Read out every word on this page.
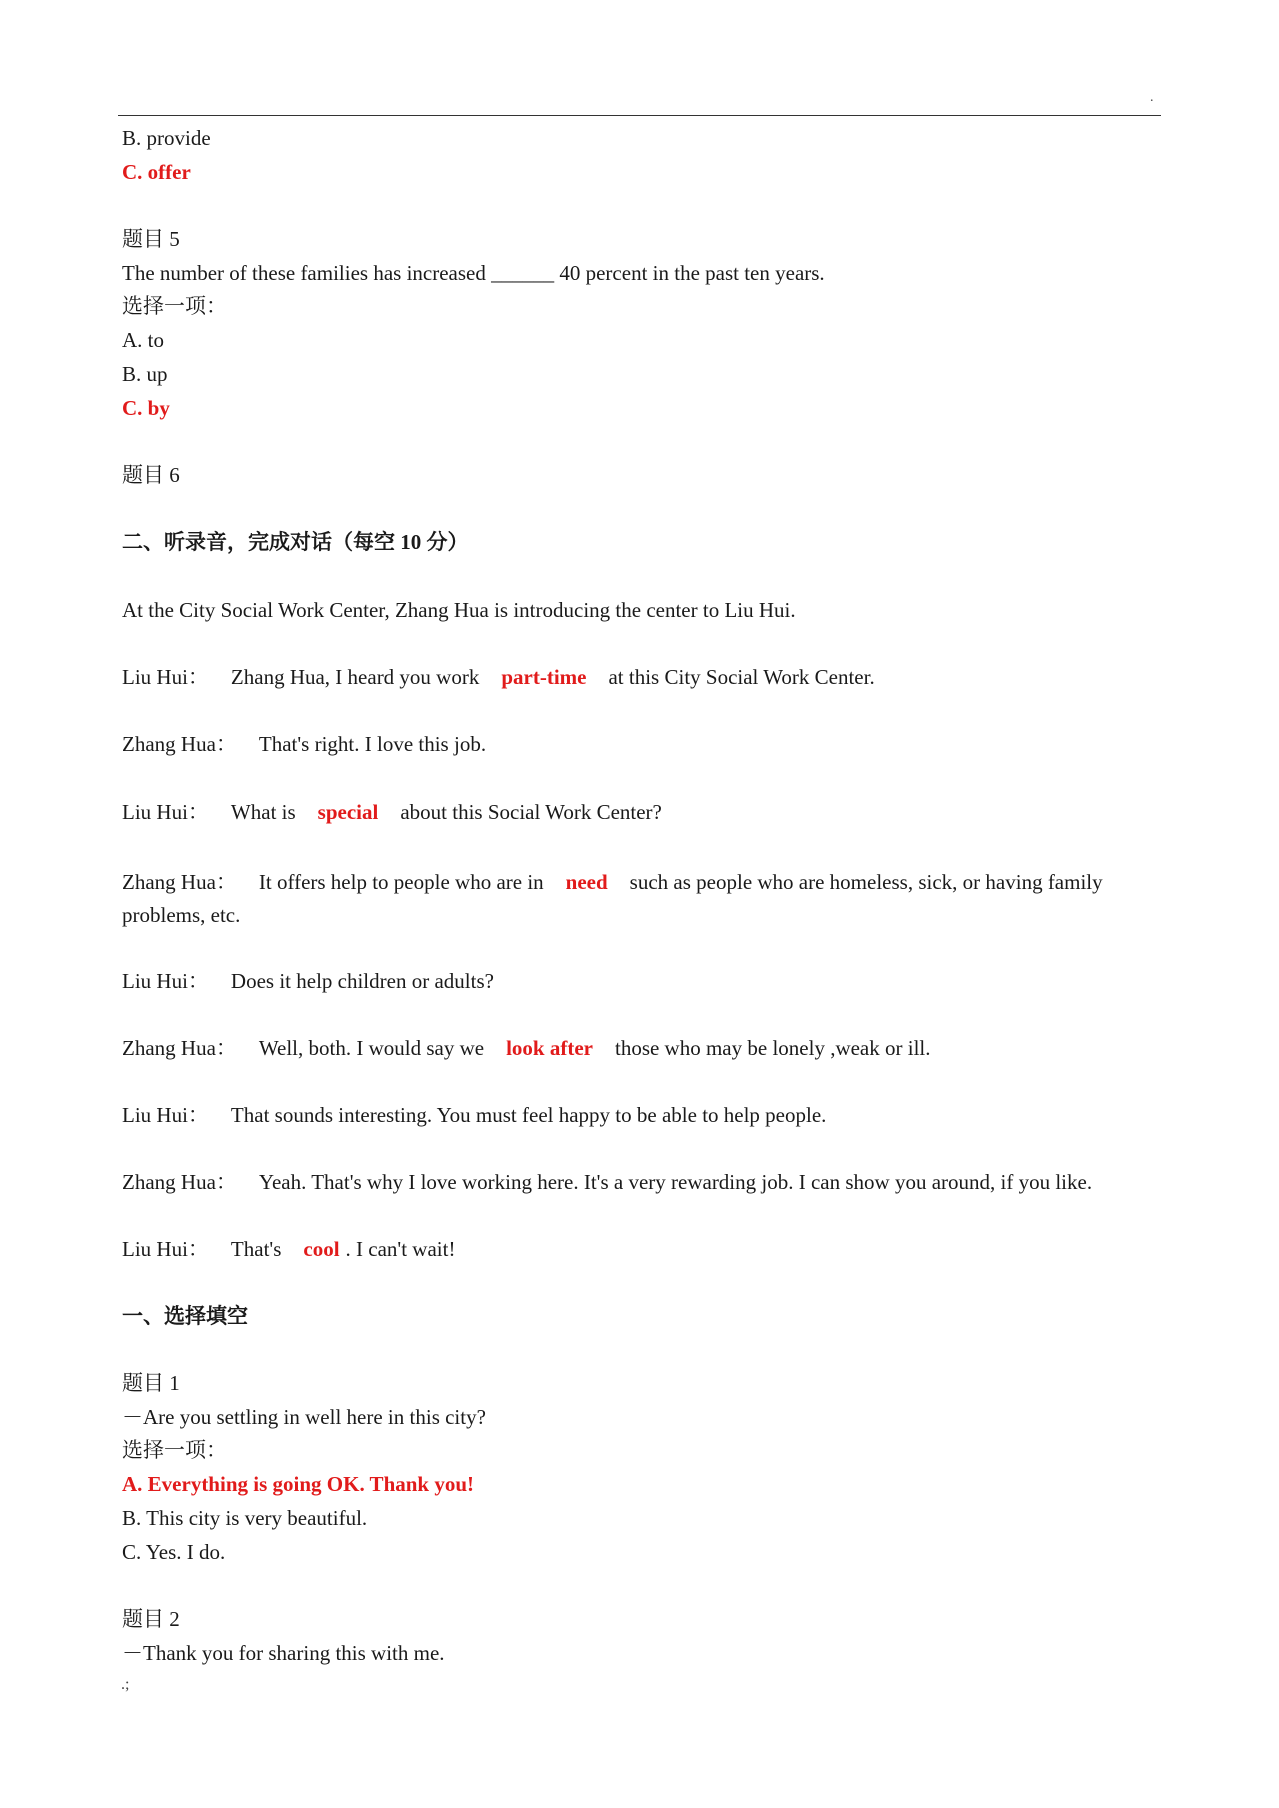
.
B. provide
C. offer
题目 5
The number of these families has increased ______ 40 percent in the past ten years.
选择一项：
A. to
B. up
C. by
题目 6
二、听录音，完成对话（每空 10 分）
At the City Social Work Center, Zhang Hua is introducing the center to Liu Hui.
Liu Hui： Zhang Hua, I heard you work part-time at this City Social Work Center.
Zhang Hua： That's right. I love this job.
Liu Hui： What is special about this Social Work Center?
Zhang Hua： It offers help to people who are in need such as people who are homeless, sick, or having family problems, etc.
Liu Hui： Does it help children or adults?
Zhang Hua： Well, both. I would say we look after those who may be lonely ,weak or ill.
Liu Hui： That sounds interesting. You must feel happy to be able to help people.
Zhang Hua： Yeah. That's why I love working here. It's a very rewarding job. I can show you around, if you like.
Liu Hui： That's cool . I can't wait!
一、选择填空
题目 1
－Are you settling in well here in this city?
选择一项：
A. Everything is going OK. Thank you!
B. This city is very beautiful.
C. Yes. I do.
题目 2
－Thank you for sharing this with me.
.;
